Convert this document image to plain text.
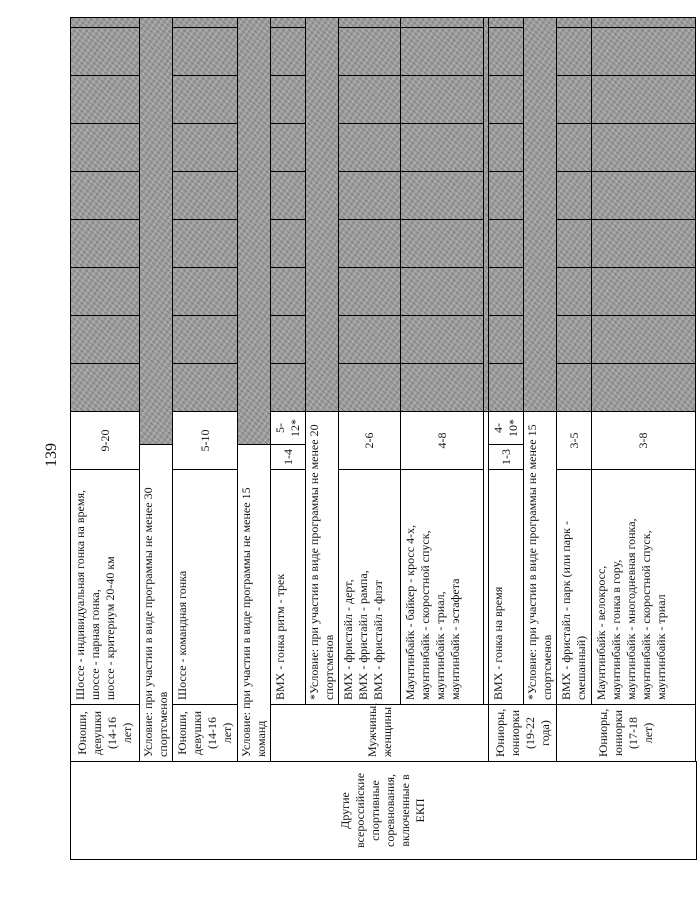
139
Другие всероссийские спортивные соревнования, включенные в ЕКП	Юноши, девушки (14-16 лет)	Шоссе - индивидуальная гонка на время, шоссе - парная гонка, шоссе - критериум 20-40 км	9-20										
	Условие: при участии в виде программы не менее 30 спортсменов												
	Юноши, девушки (14-16 лет)	Шоссе - командная гонка	5-10										
	Условие: при участии в виде программы не менее 15 команд												
	Мужчины, женщины	BMX - гонка ритм - трек	1-4	5-12*									
		*Условие: при участии в виде программы не менее 20 спортсменов											

		BMX - фристайл - дерт, BMX - фристайл - рампа, BMX - фристайл - флэт	2-6										

		Маунтинбайк - байкер - кросс 4-х, маунтинбайк - скоростной спуск, маунтинбайк - триал, маунтинбайк - эстафета	4-8										

	Юниоры, юниорки (19-22 года)	BMX - гонка на время	1-3	4-10*									
		*Условие: при участии в виде программы не менее 15 спортсменов											
	Юниоры, юниорки (17-18 лет)	BMX - фристайл - парк (или парк - смешанный)	3-5										

		Маунтинбайк - велокросс, маунтинбайк - гонка в гору, маунтинбайк - многодневная гонка, маунтинбайк - скоростной спуск, маунтинбайк - триал	3-8										
